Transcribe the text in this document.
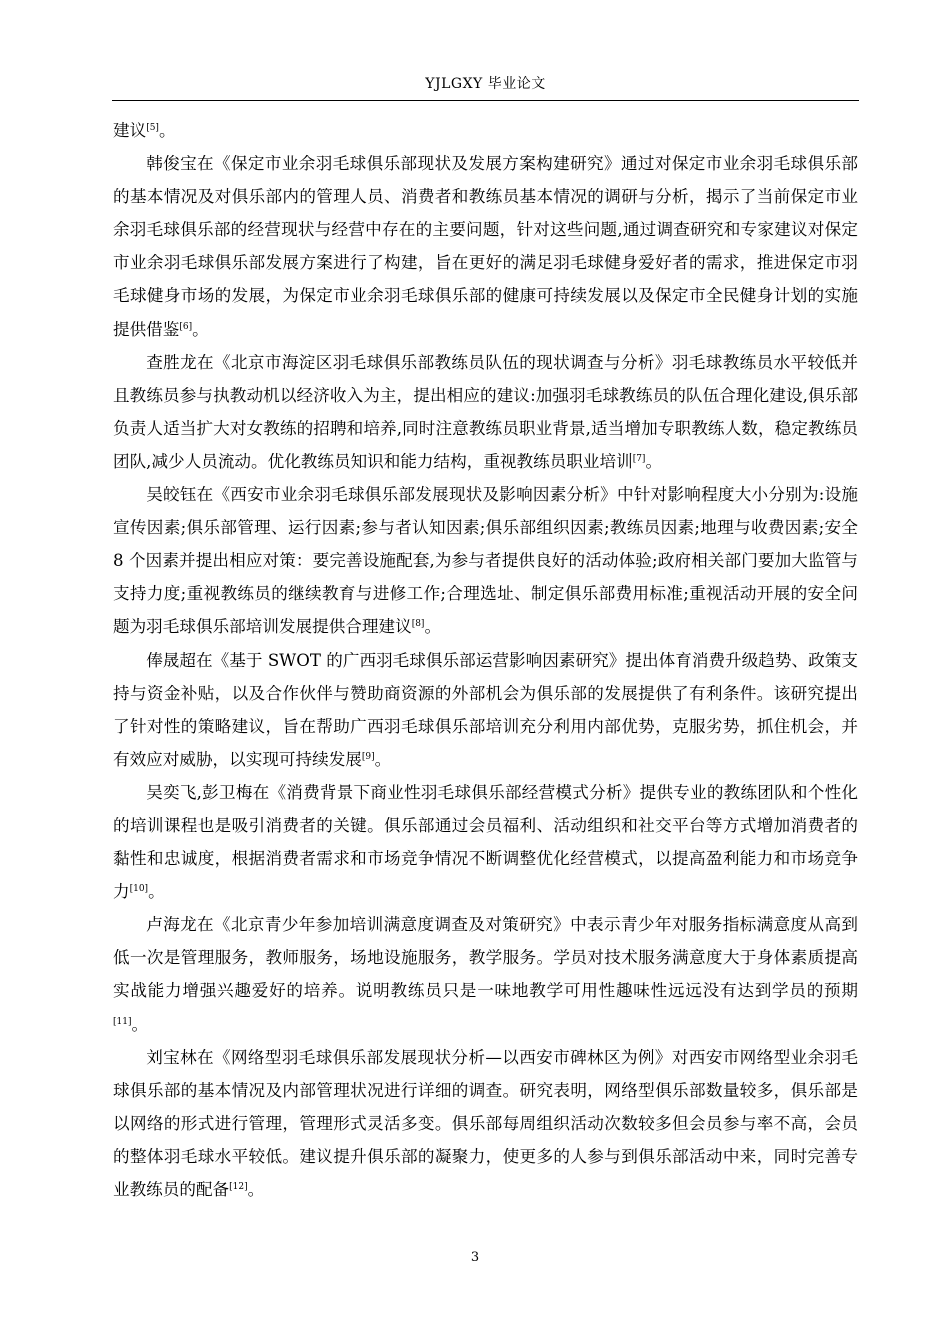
YJLGXY 毕业论文

建议[5]。

韩俊宝在《保定市业余羽毛球俱乐部现状及发展方案构建研究》通过对保定市业余羽毛球俱乐部的基本情况及对俱乐部内的管理人员、消费者和教练员基本情况的调研与分析，揭示了当前保定市业余羽毛球俱乐部的经营现状与经营中存在的主要问题，针对这些问题,通过调查研究和专家建议对保定市业余羽毛球俱乐部发展方案进行了构建，旨在更好的满足羽毛球健身爱好者的需求，推进保定市羽毛球健身市场的发展，为保定市业余羽毛球俱乐部的健康可持续发展以及保定市全民健身计划的实施提供借鉴[6]。

查胜龙在《北京市海淀区羽毛球俱乐部教练员队伍的现状调查与分析》羽毛球教练员水平较低并且教练员参与执教动机以经济收入为主，提出相应的建议:加强羽毛球教练员的队伍合理化建设,俱乐部负责人适当扩大对女教练的招聘和培养,同时注意教练员职业背景,适当增加专职教练人数，稳定教练员团队,减少人员流动。优化教练员知识和能力结构，重视教练员职业培训[7]。

吴皎钰在《西安市业余羽毛球俱乐部发展现状及影响因素分析》中针对影响程度大小分别为:设施宣传因素;俱乐部管理、运行因素;参与者认知因素;俱乐部组织因素;教练员因素;地理与收费因素;安全 8 个因素并提出相应对策：要完善设施配套,为参与者提供良好的活动体验;政府相关部门要加大监管与支持力度;重视教练员的继续教育与进修工作;合理选址、制定俱乐部费用标准;重视活动开展的安全问题为羽毛球俱乐部培训发展提供合理建议[8]。

俸晟超在《基于 SWOT 的广西羽毛球俱乐部运营影响因素研究》提出体育消费升级趋势、政策支持与资金补贴，以及合作伙伴与赞助商资源的外部机会为俱乐部的发展提供了有利条件。该研究提出了针对性的策略建议，旨在帮助广西羽毛球俱乐部培训充分利用内部优势，克服劣势，抓住机会，并有效应对威胁，以实现可持续发展[9]。

吴奕飞,彭卫梅在《消费背景下商业性羽毛球俱乐部经营模式分析》提供专业的教练团队和个性化的培训课程也是吸引消费者的关键。俱乐部通过会员福利、活动组织和社交平台等方式增加消费者的黏性和忠诚度，根据消费者需求和市场竞争情况不断调整优化经营模式，以提高盈利能力和市场竞争力[10]。

卢海龙在《北京青少年参加培训满意度调查及对策研究》中表示青少年对服务指标满意度从高到低一次是管理服务，教师服务，场地设施服务，教学服务。学员对技术服务满意度大于身体素质提高实战能力增强兴趣爱好的培养。说明教练员只是一味地教学可用性趣味性远远没有达到学员的预期[11]。

刘宝林在《网络型羽毛球俱乐部发展现状分析—以西安市碑林区为例》对西安市网络型业余羽毛球俱乐部的基本情况及内部管理状况进行详细的调查。研究表明，网络型俱乐部数量较多，俱乐部是以网络的形式进行管理，管理形式灵活多变。俱乐部每周组织活动次数较多但会员参与率不高，会员的整体羽毛球水平较低。建议提升俱乐部的凝聚力，使更多的人参与到俱乐部活动中来，同时完善专业教练员的配备[12]。

3
